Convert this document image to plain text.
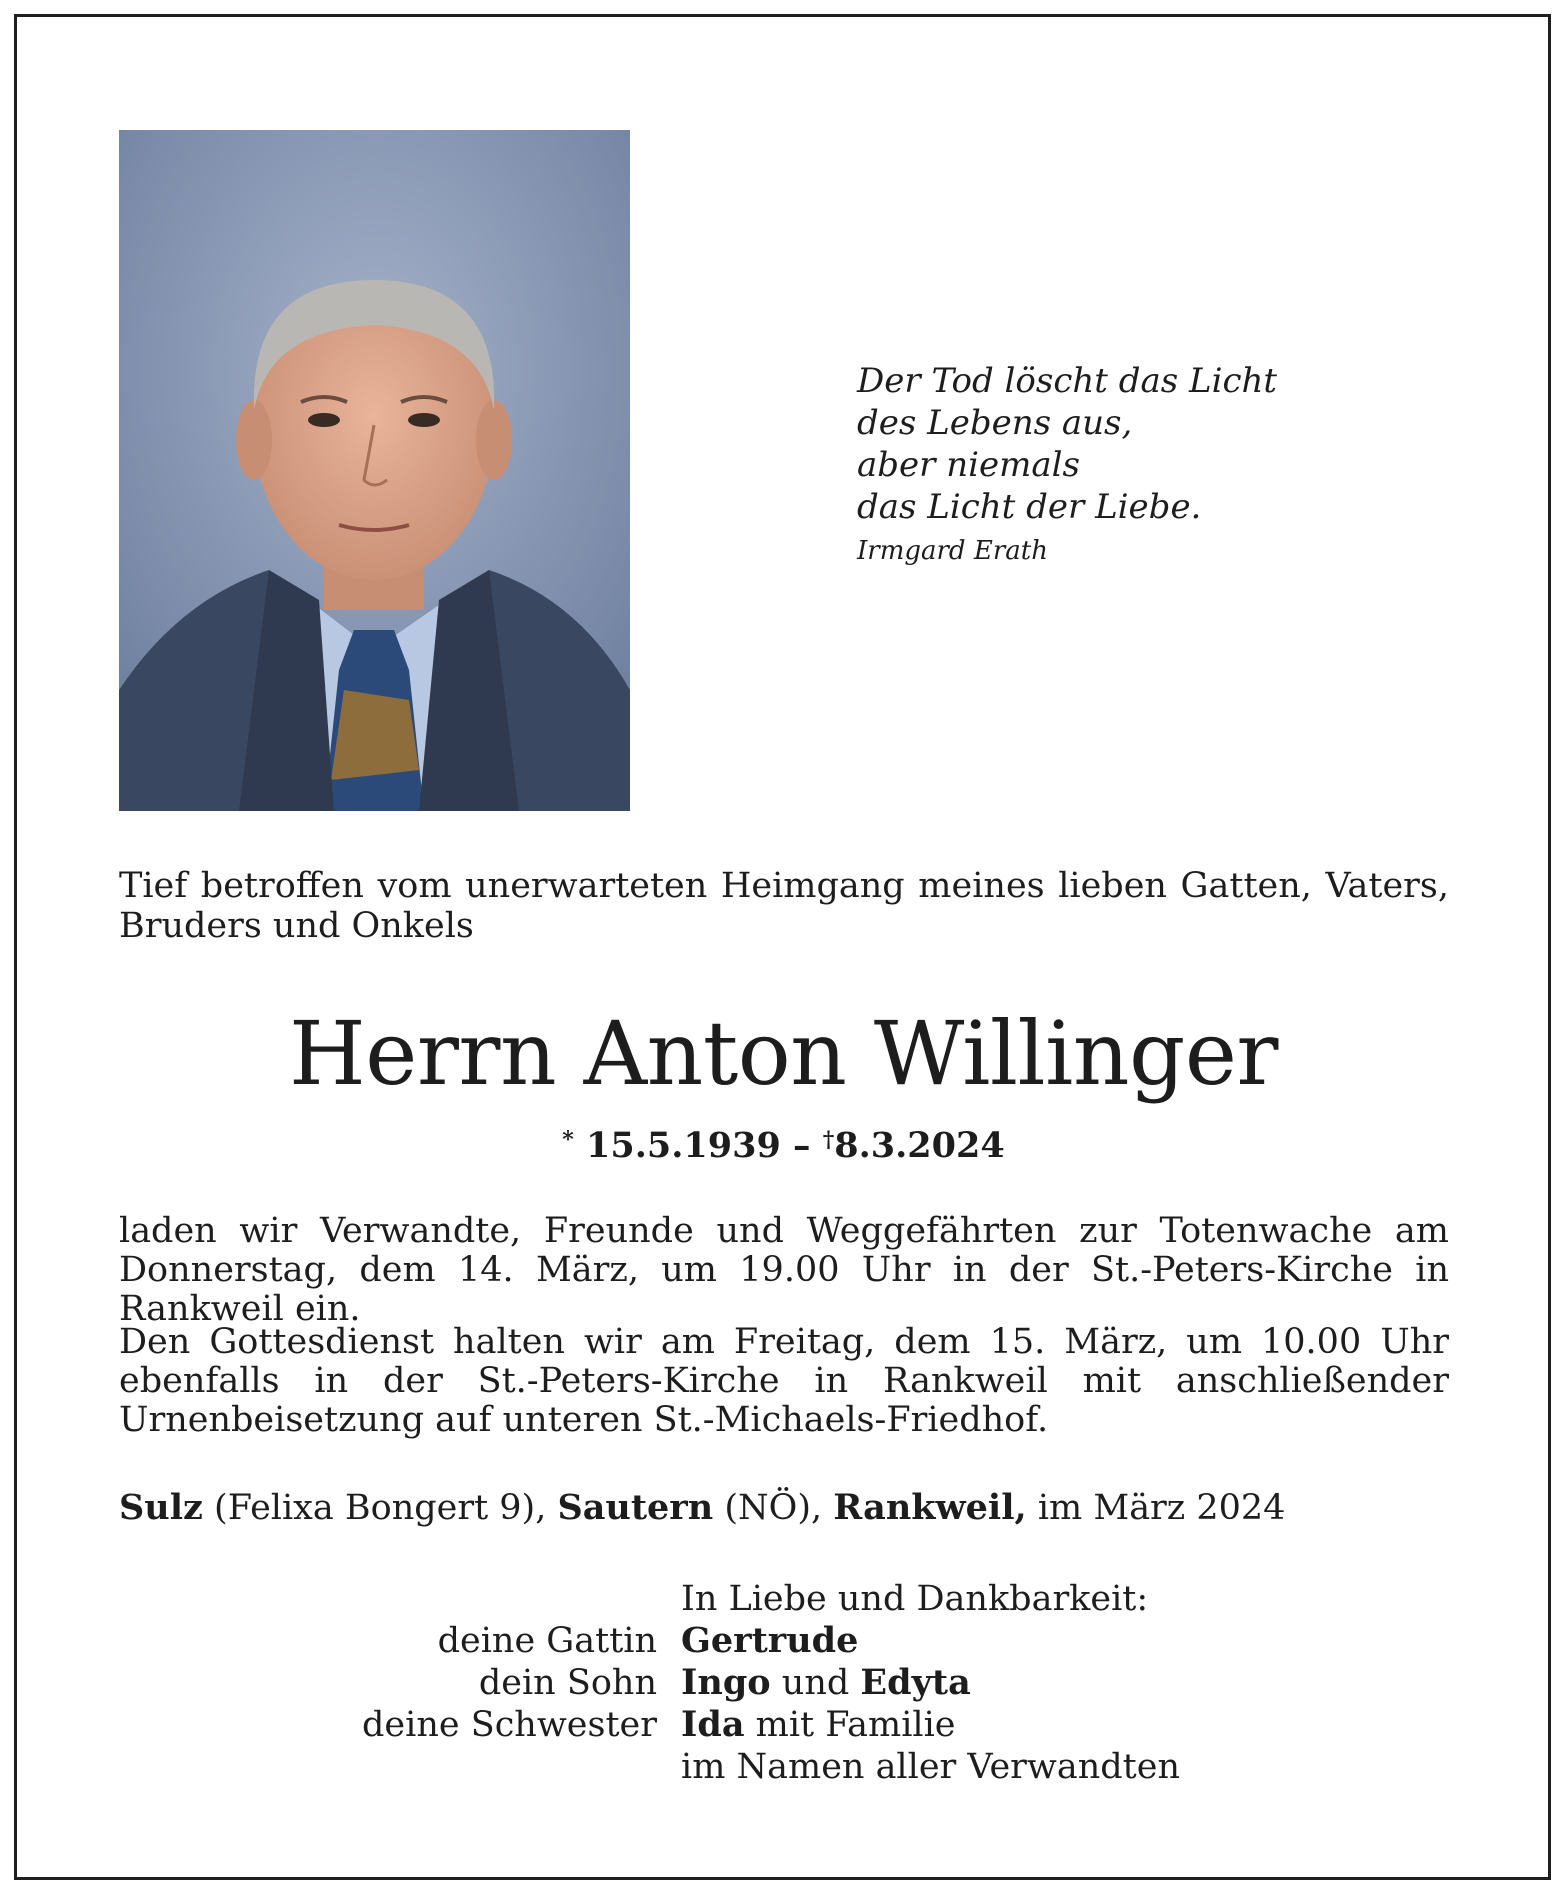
Der Tod löscht das Licht
des Lebens aus,
aber niemals
das Licht der Liebe.
Irmgard Erath
Tief betroffen vom unerwarteten Heimgang meines lieben Gatten, Vaters, Bruders und Onkels
Herrn Anton Willinger
* 15.5.1939 – †8.3.2024
laden wir Verwandte, Freunde und Weggefährten zur Totenwache am Donnerstag, dem 14. März, um 19.00 Uhr in der St.-Peters-Kirche in Rankweil ein.
Den Gottesdienst halten wir am Freitag, dem 15. März, um 10.00 Uhr ebenfalls in der St.-Peters-Kirche in Rankweil mit anschließender Urnenbeisetzung auf unteren St.-Michaels-Friedhof.
Sulz (Felixa Bongert 9), Sautern (NÖ), Rankweil, im März 2024
In Liebe und Dankbarkeit:
deine Gattin Gertrude
dein Sohn Ingo und Edyta
deine Schwester Ida mit Familie
im Namen aller Verwandten
